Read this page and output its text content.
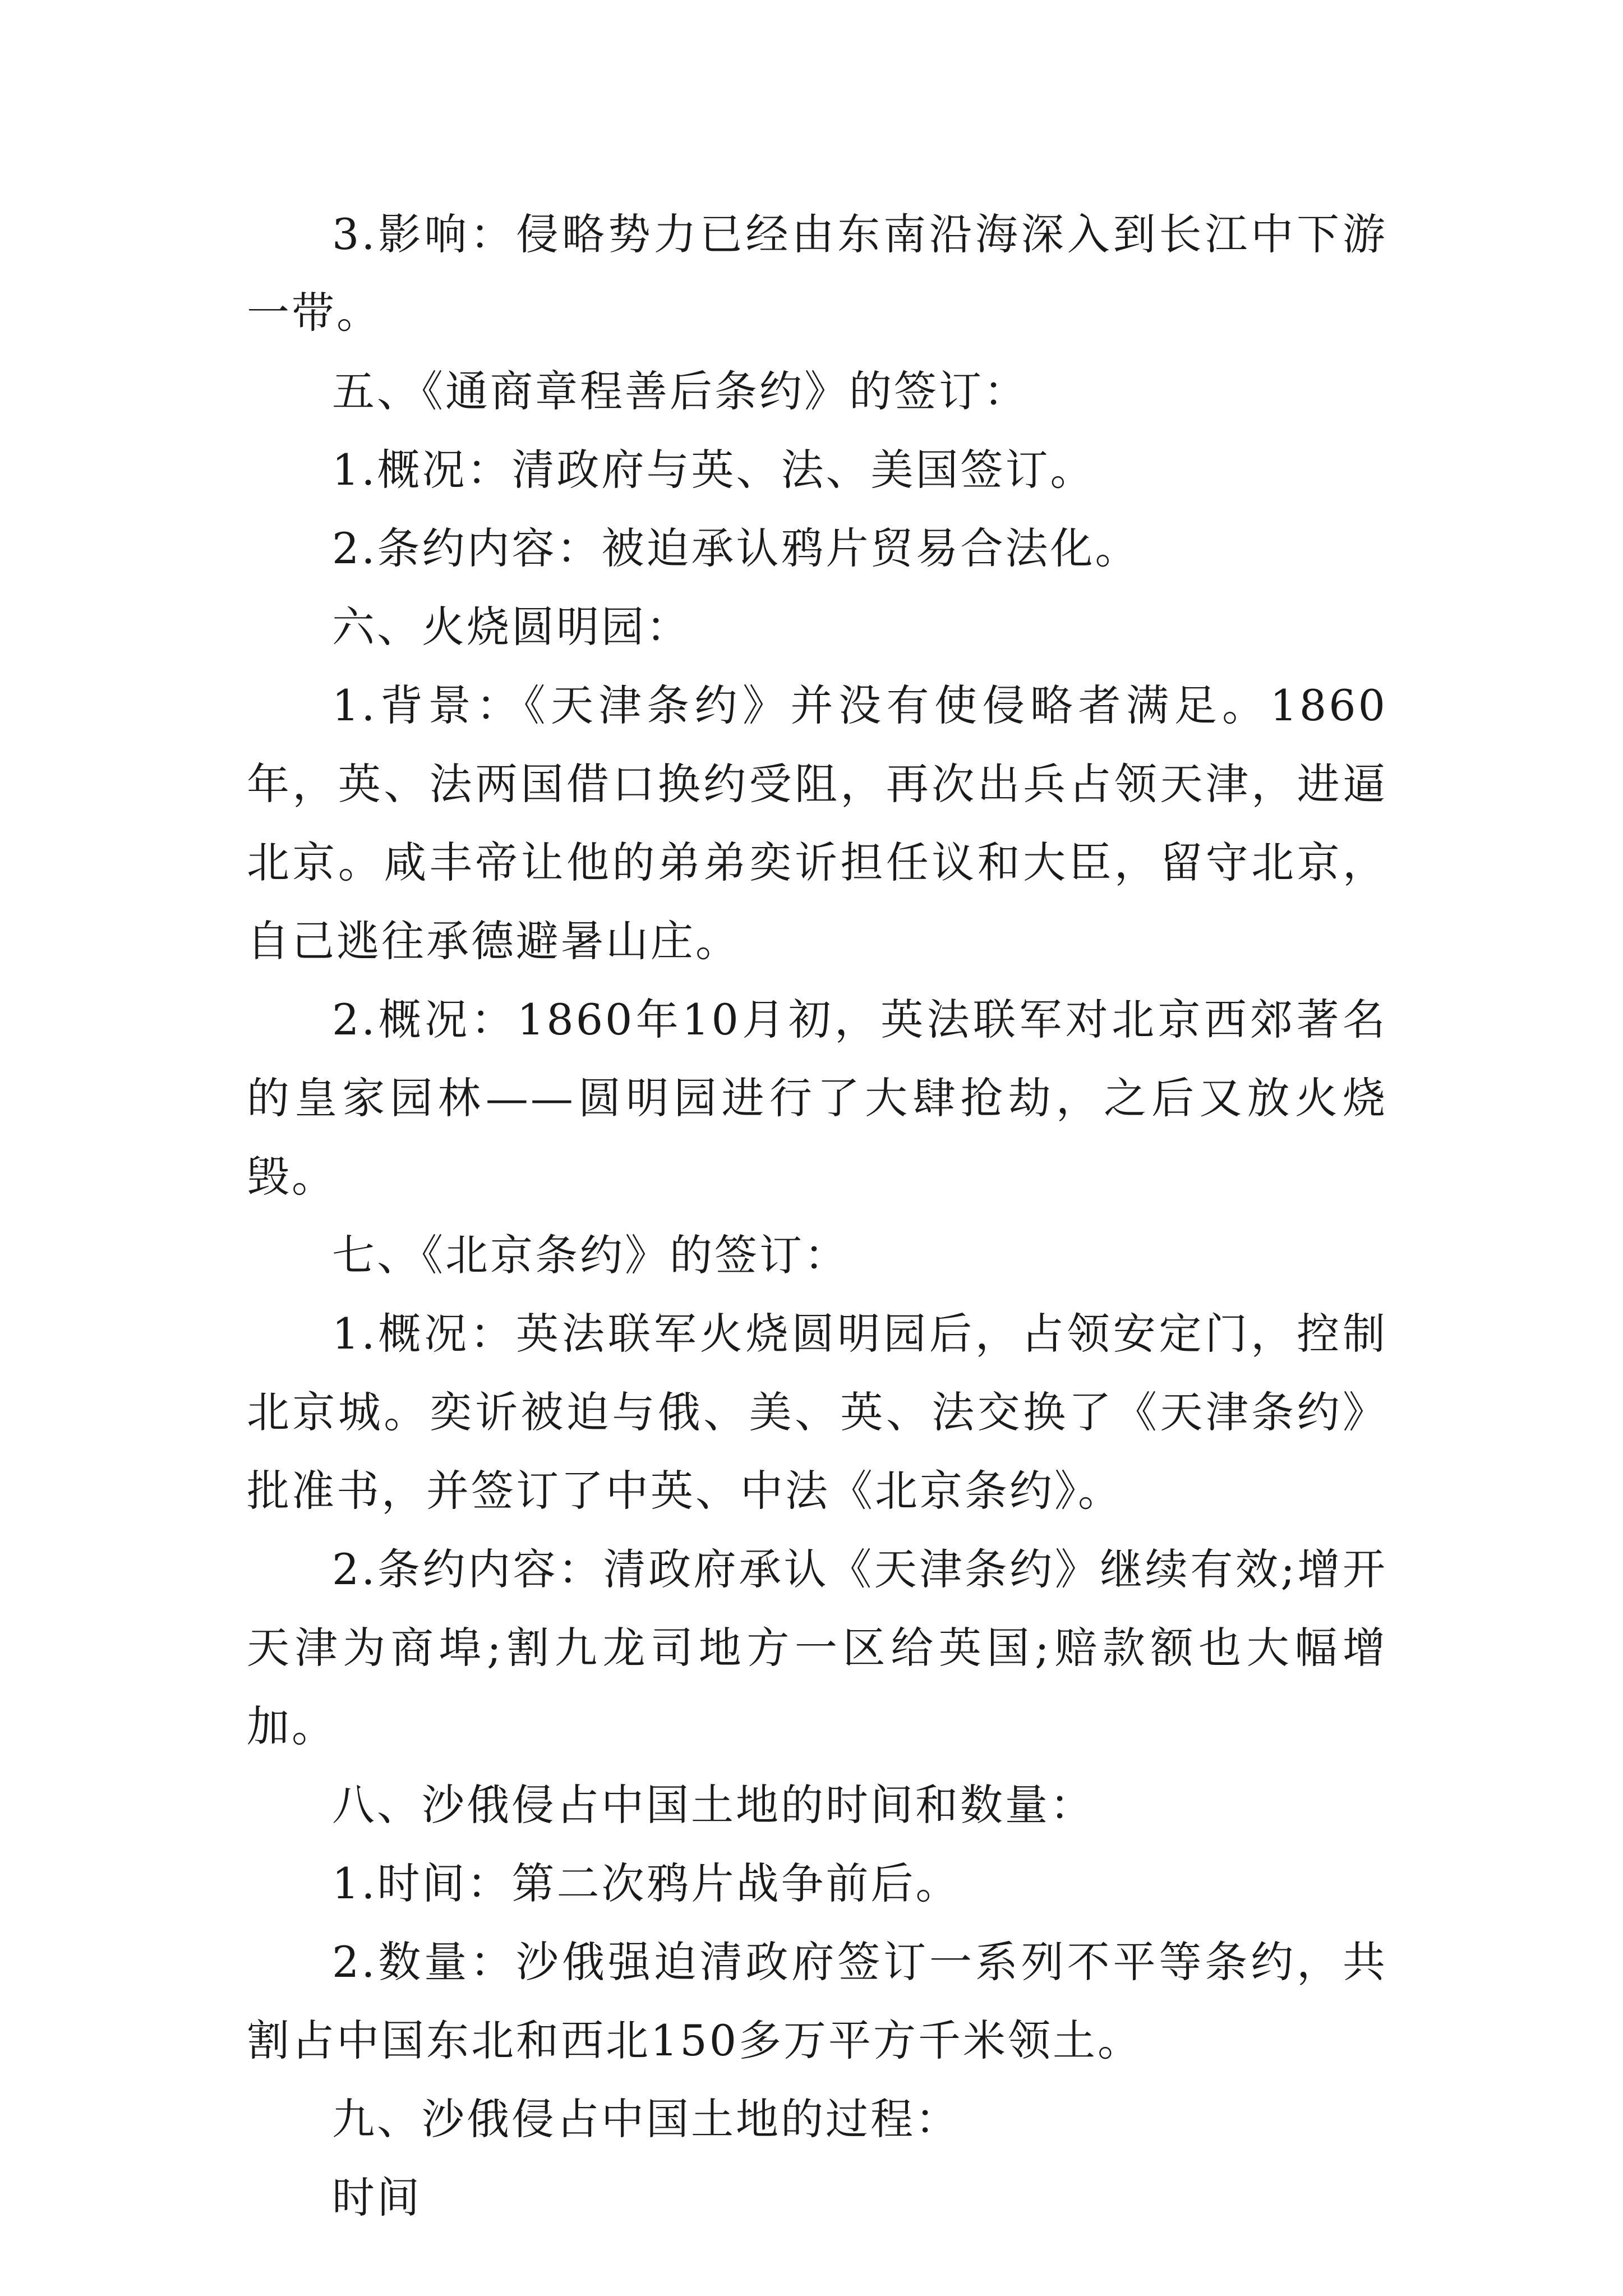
3.影响：侵略势力已经由东南沿海深入到长江中下游一带。

五、《通商章程善后条约》的签订：

1.概况：清政府与英、法、美国签订。

2.条约内容：被迫承认鸦片贸易合法化。

六、火烧圆明园：

1.背景：《天津条约》并没有使侵略者满足。1860年，英、法两国借口换约受阻，再次出兵占领天津，进逼北京。咸丰帝让他的弟弟奕䜣担任议和大臣，留守北京，自己逃往承德避暑山庄。

2.概况：1860年10月初，英法联军对北京西郊著名的皇家园林——圆明园进行了大肆抢劫，之后又放火烧毁。

七、《北京条约》的签订：

1.概况：英法联军火烧圆明园后，占领安定门，控制北京城。奕䜣被迫与俄、美、英、法交换了《天津条约》批准书，并签订了中英、中法《北京条约》。

2.条约内容：清政府承认《天津条约》继续有效;增开天津为商埠;割九龙司地方一区给英国;赔款额也大幅增加。

八、沙俄侵占中国土地的时间和数量：

1.时间：第二次鸦片战争前后。

2.数量：沙俄强迫清政府签订一系列不平等条约，共割占中国东北和西北150多万平方千米领土。

九、沙俄侵占中国土地的过程：

时间
